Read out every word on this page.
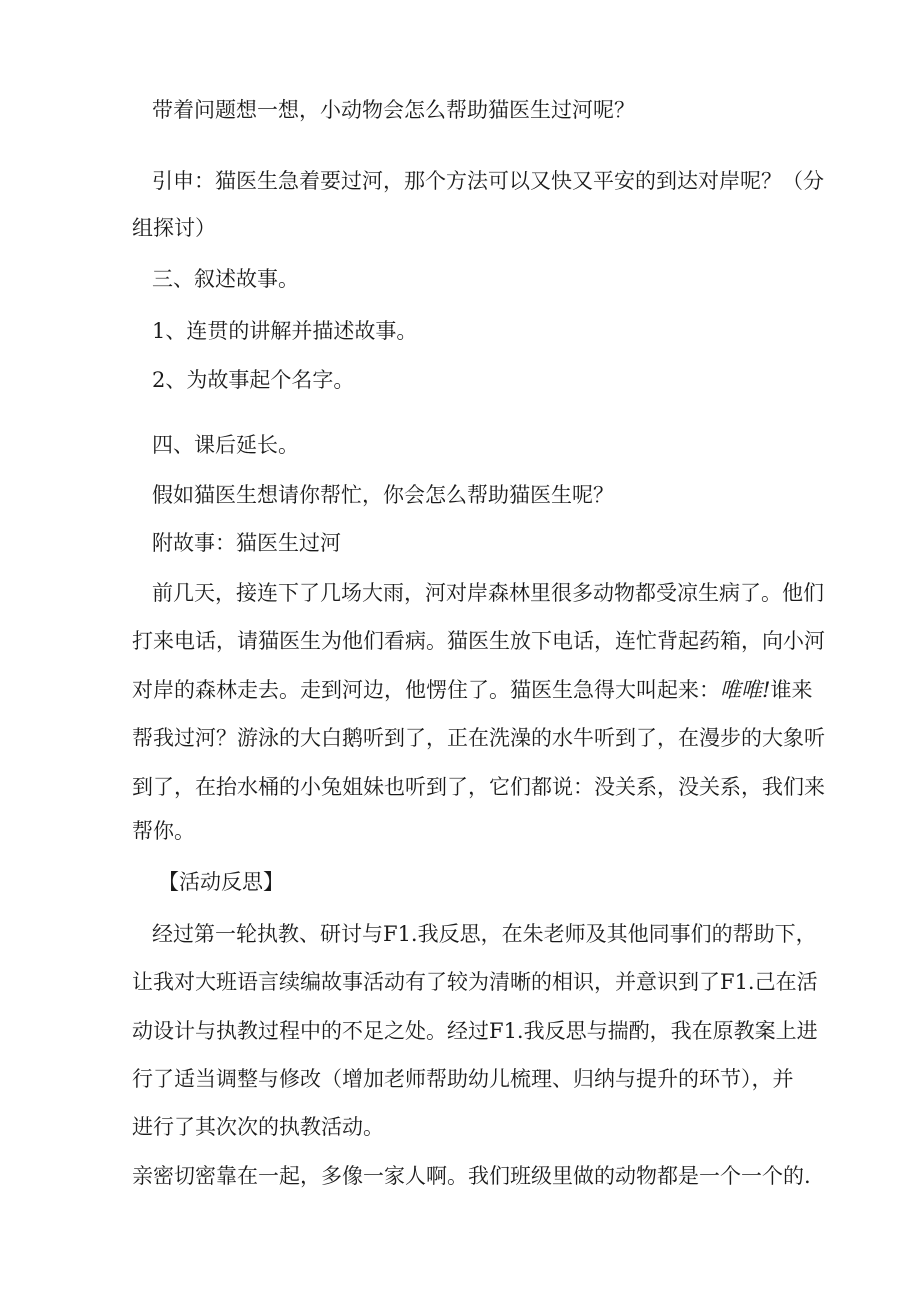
带着问题想一想，小动物会怎么帮助猫医生过河呢？
引申：猫医生急着要过河，那个方法可以又快又平安的到达对岸呢？（分
组探讨）
三、叙述故事。
1、连贯的讲解并描述故事。
2、为故事起个名字。
四、课后延长。
假如猫医生想请你帮忙，你会怎么帮助猫医生呢？
附故事：猫医生过河
前几天，接连下了几场大雨，河对岸森林里很多动物都受凉生病了。他们
打来电话，请猫医生为他们看病。猫医生放下电话，连忙背起药箱，向小河
对岸的森林走去。走到河边，他愣住了。猫医生急得大叫起来：唯唯!谁来
帮我过河？游泳的大白鹅听到了，正在洗澡的水牛听到了，在漫步的大象听
到了，在抬水桶的小兔姐妹也听到了，它们都说：没关系，没关系，我们来
帮你。
【活动反思】
经过第一轮执教、研讨与F1.我反思，在朱老师及其他同事们的帮助下，
让我对大班语言续编故事活动有了较为清晰的相识，并意识到了F1.己在活
动设计与执教过程中的不足之处。经过F1.我反思与揣酌，我在原教案上进
行了适当调整与修改（增加老师帮助幼儿梳理、归纳与提升的环节），并
进行了其次次的执教活动。
亲密切密靠在一起，多像一家人啊。我们班级里做的动物都是一个一个的.
